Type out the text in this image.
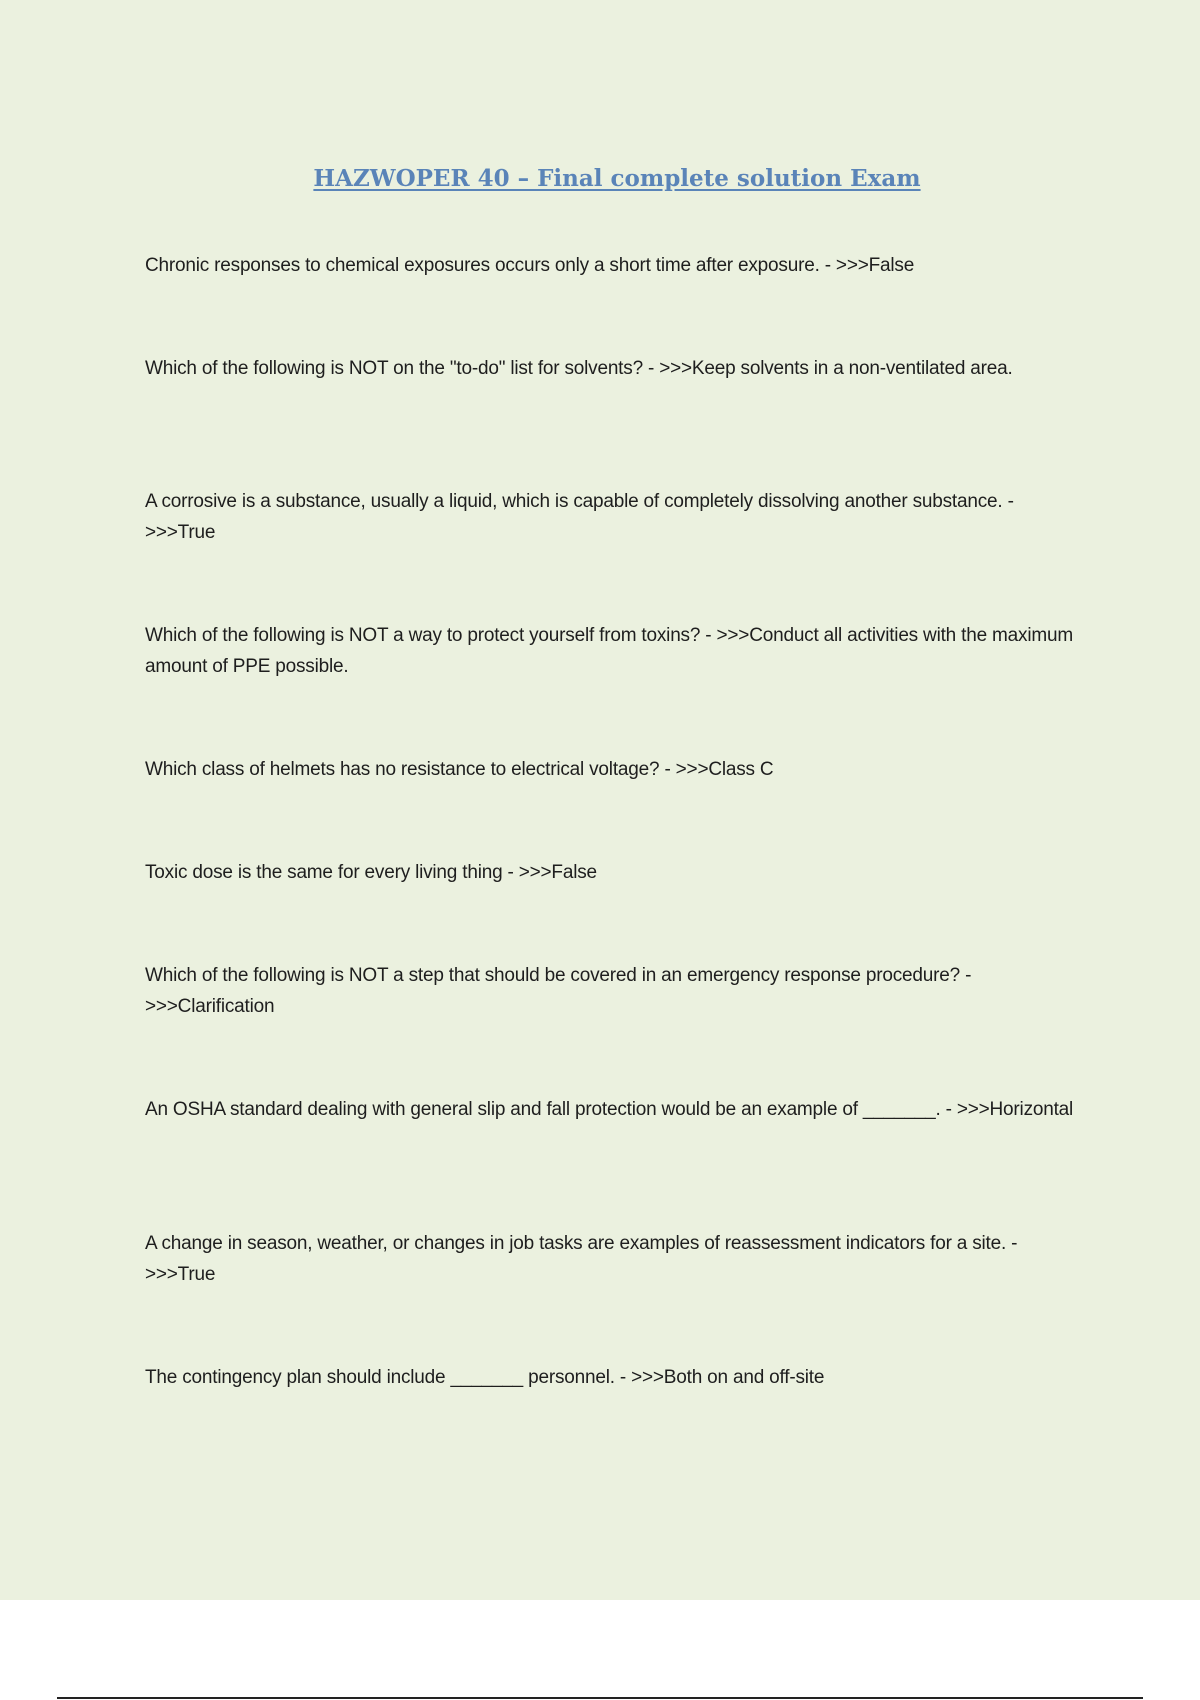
HAZWOPER 40 – Final complete solution Exam

Chronic responses to chemical exposures occurs only a short time after exposure. - >>>False

Which of the following is NOT on the "to-do" list for solvents? - >>>Keep solvents in a non-ventilated area.

A corrosive is a substance, usually a liquid, which is capable of completely dissolving another substance. - >>>True

Which of the following is NOT a way to protect yourself from toxins? - >>>Conduct all activities with the maximum amount of PPE possible.

Which class of helmets has no resistance to electrical voltage? - >>>Class C

Toxic dose is the same for every living thing - >>>False

Which of the following is NOT a step that should be covered in an emergency response procedure? - >>>Clarification

An OSHA standard dealing with general slip and fall protection would be an example of _______. - >>>Horizontal

A change in season, weather, or changes in job tasks are examples of reassessment indicators for a site. - >>>True

The contingency plan should include _______ personnel. - >>>Both on and off-site
